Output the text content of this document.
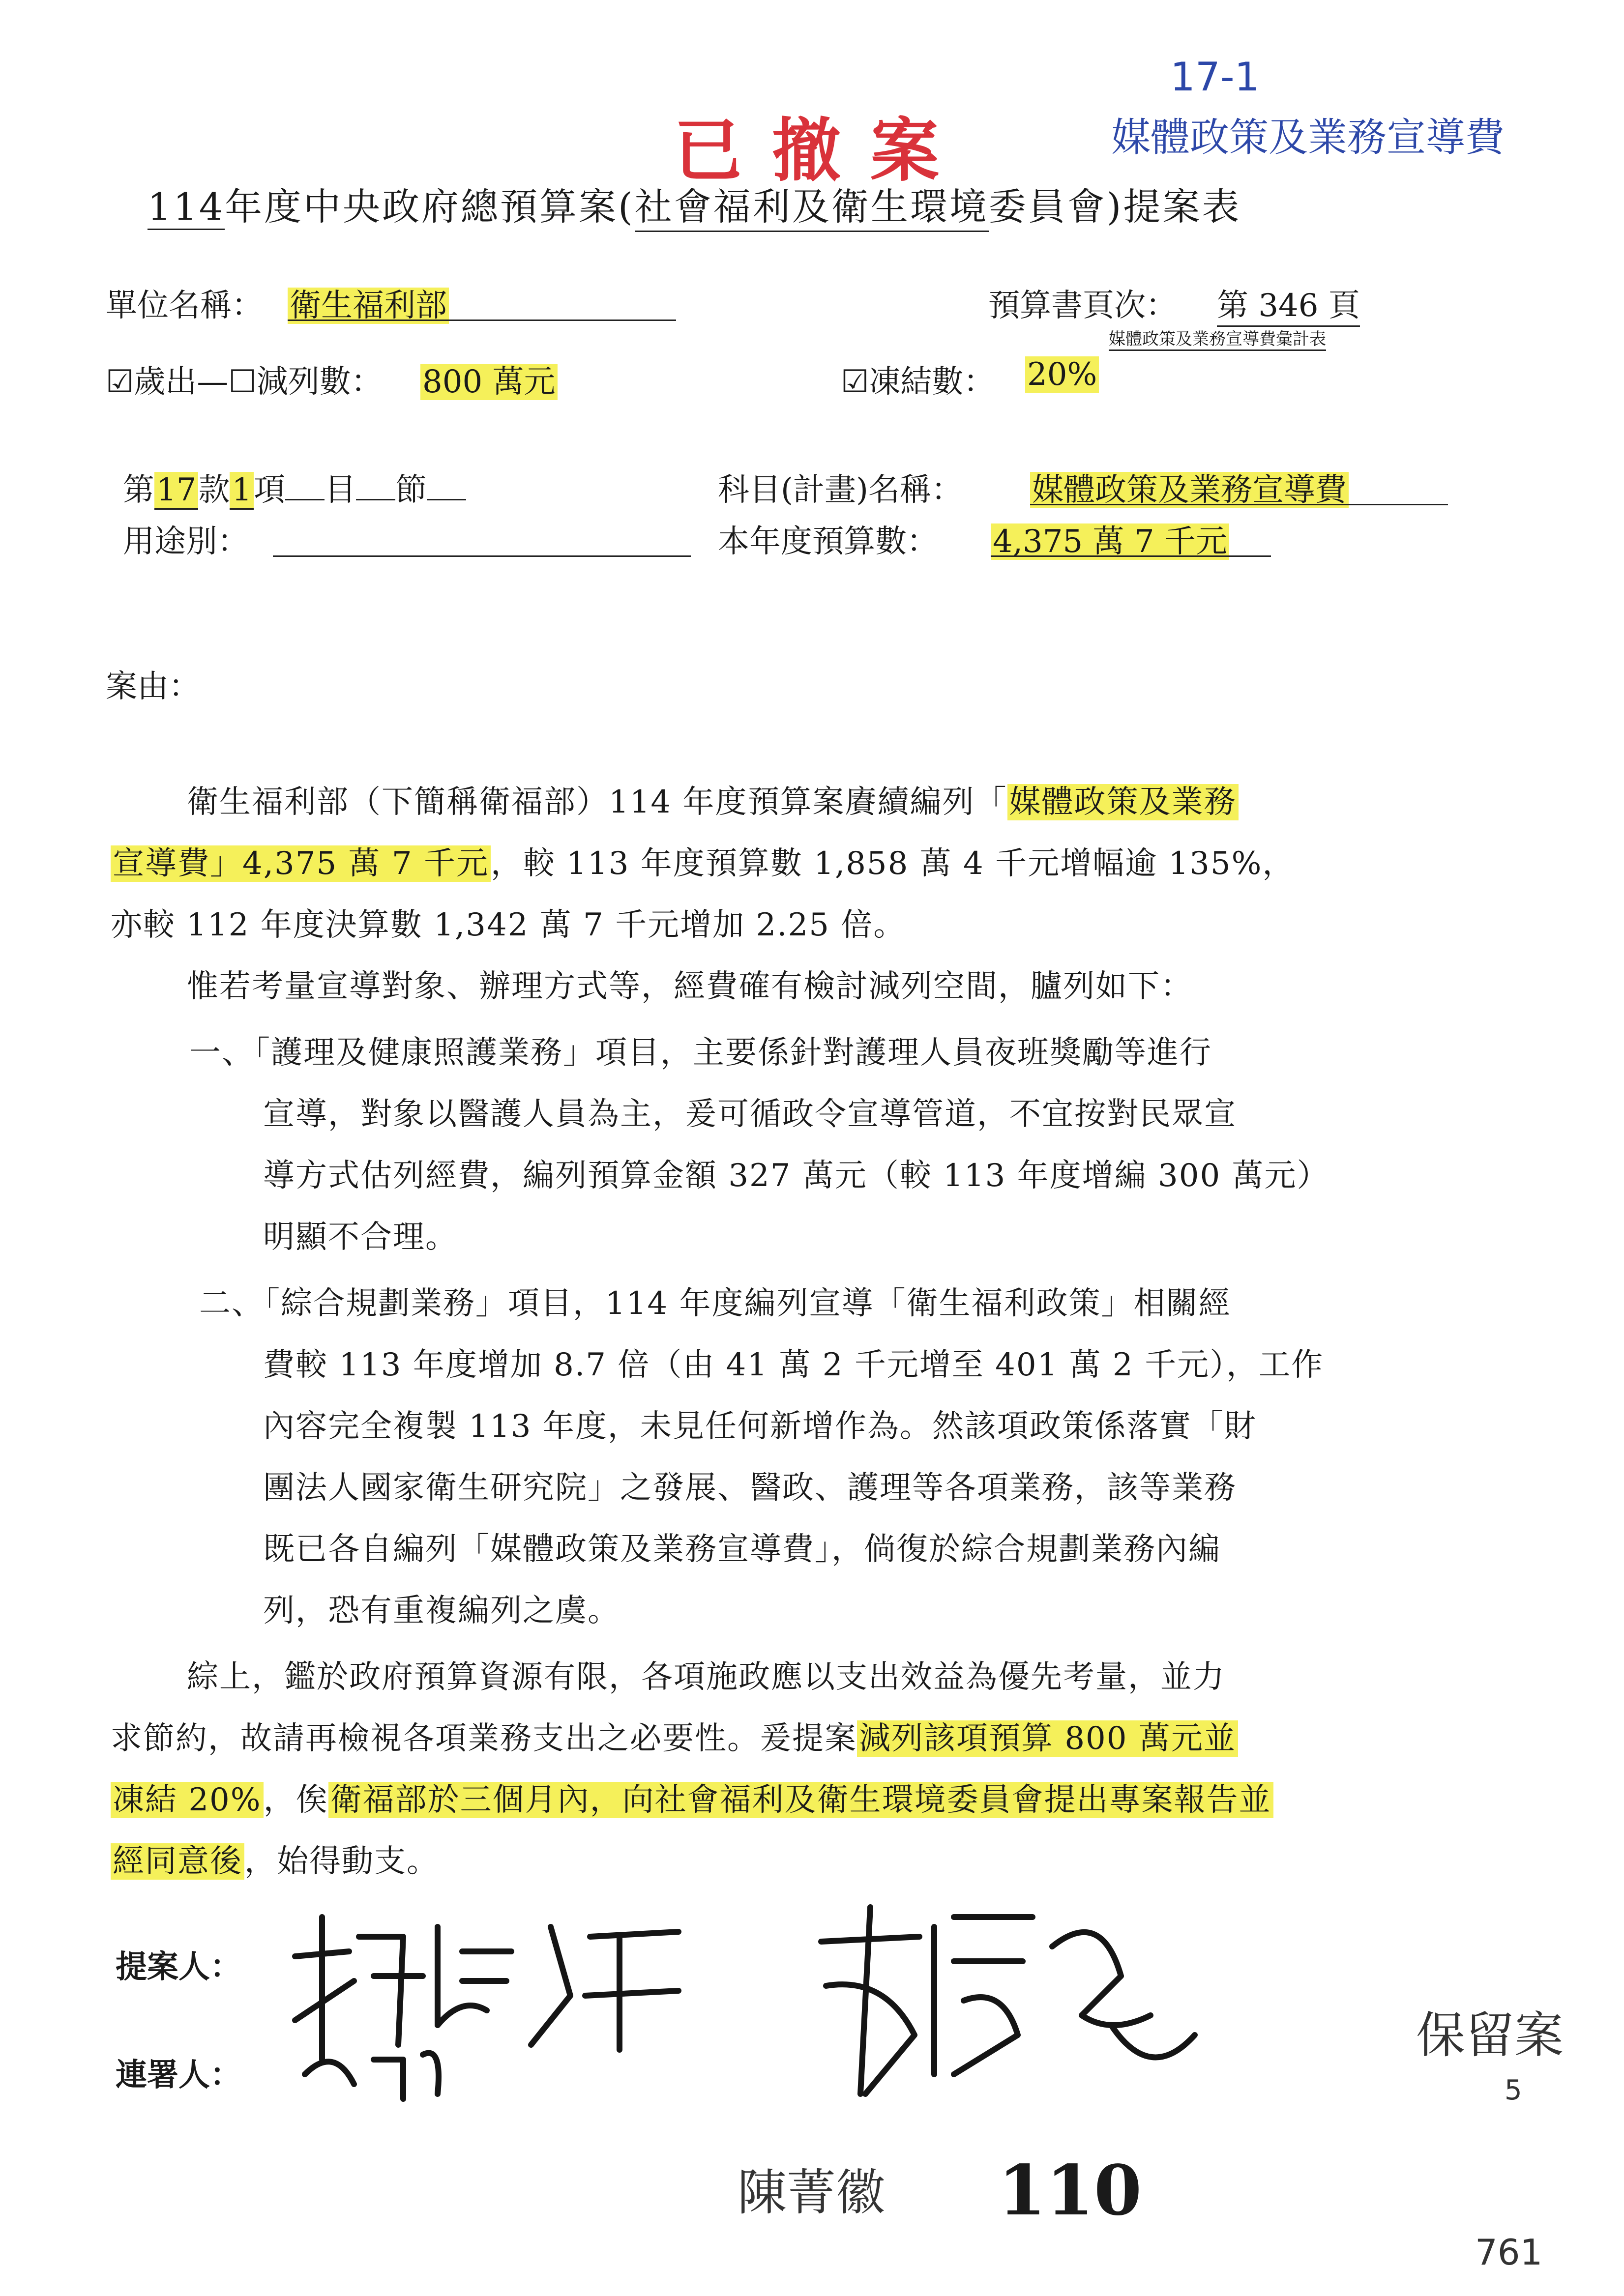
已撤案
17-1
媒體政策及業務宣導費
114年度中央政府總預算案(社會福利及衛生環境委員會)提案表
單位名稱： 衛生福利部	預算書頁次： 第 346 頁
媒體政策及業務宣導費彙計表
☑歲出—☐減列數： 800 萬元	☑凍結數： 20%
第17款1項 目 節	科目(計畫)名稱： 媒體政策及業務宣導費
用途別：	本年度預算數： 4,375 萬 7 千元
案由：
衛生福利部（下簡稱衛福部）114 年度預算案賡續編列「媒體政策及業務
宣導費」4,375 萬 7 千元，較 113 年度預算數 1,858 萬 4 千元增幅逾 135%，
亦較 112 年度決算數 1,342 萬 7 千元增加 2.25 倍。
惟若考量宣導對象、辦理方式等，經費確有檢討減列空間，臚列如下：
一、「護理及健康照護業務」項目，主要係針對護理人員夜班獎勵等進行
宣導，對象以醫護人員為主，爰可循政令宣導管道，不宜按對民眾宣
導方式估列經費，編列預算金額 327 萬元（較 113 年度增編 300 萬元）
明顯不合理。
二、「綜合規劃業務」項目，114 年度編列宣導「衛生福利政策」相關經
費較 113 年度增加 8.7 倍（由 41 萬 2 千元增至 401 萬 2 千元），工作
內容完全複製 113 年度，未見任何新增作為。然該項政策係落實「財
團法人國家衛生研究院」之發展、醫政、護理等各項業務，該等業務
既已各自編列「媒體政策及業務宣導費」，倘復於綜合規劃業務內編
列，恐有重複編列之虞。
綜上，鑑於政府預算資源有限，各項施政應以支出效益為優先考量，並力
求節約，故請再檢視各項業務支出之必要性。爰提案減列該項預算 800 萬元並
凍結 20%，俟衛福部於三個月內，向社會福利及衛生環境委員會提出專案報告並
經同意後，始得動支。
提案人：
連署人：
陳菁徽
保留案
5
110
761
